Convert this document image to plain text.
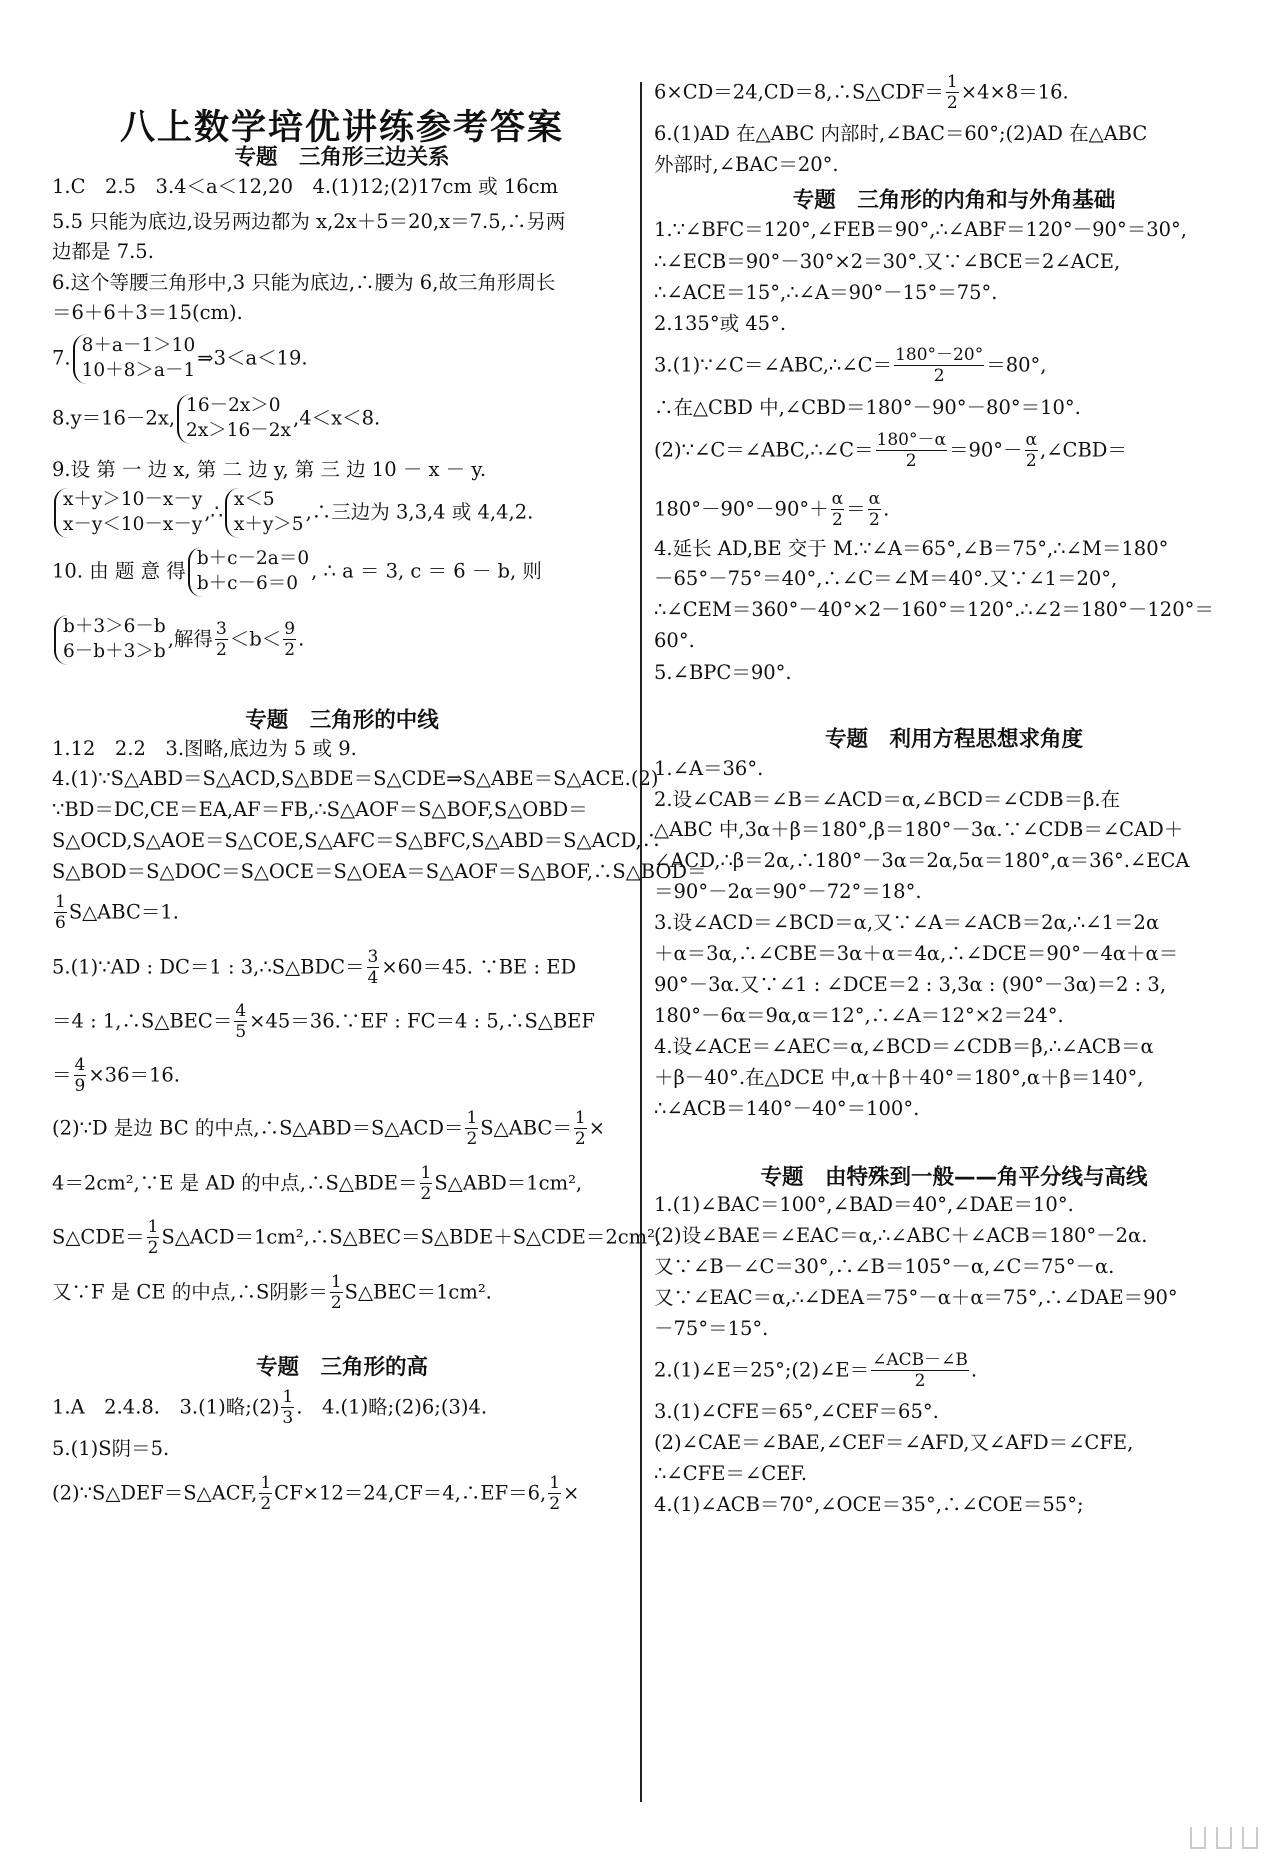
八上数学培优讲练参考答案
专题　三角形三边关系
1.C　2.5　3.4＜a＜12,20　4.(1)12;(2)17cm 或 16cm
5.5 只能为底边,设另两边都为 x,2x＋5＝20,x＝7.5,∴另两
边都是 7.5.
6.这个等腰三角形中,3 只能为底边,∴腰为 6,故三角形周长
＝6＋6＋3＝15(cm).
7.
8＋a－1＞10
10＋8＞a－1
⇒3＜a＜19.
8.y＝16－2x,
16－2x＞0
2x＞16－2x
,4＜x＜8.
9.设 第 一 边 x, 第 二 边 y, 第 三 边 10 － x － y.
x＋y＞10－x－y
x－y＜10－x－y
,∴
x＜5
x＋y＞5
,∴三边为 3,3,4 或 4,4,2.
10. 由 题 意 得
b＋c－2a＝0
b＋c－6＝0
, ∴ a ＝ 3, c ＝ 6 － b, 则
b＋3＞6－b
6－b＋3＞b
,解得 $\frac{3}{2} <b< \frac{9}{2}$ .
专题　三角形的中线
1.12　2.2　3.图略,底边为 5 或 9.
4.(1)∵S△ABD＝S△ACD,S△BDE＝S△CDE⇒S△ABE＝S△ACE.(2)
∵BD＝DC,CE＝EA,AF＝FB,∴S△AOF＝S△BOF,S△OBD＝
S△OCD,S△AOE＝S△COE,S△AFC＝S△BFC,S△ABD＝S△ACD,∴
S△BOD＝S△DOC＝S△OCE＝S△OEA＝S△AOF＝S△BOF,∴S△BOD＝
$\frac{1}{6}$ S△ABC＝1.
5.(1)∵AD : DC＝1 : 3,∴S△BDC＝ $\frac{3}{4} \times 60=45$. ∵BE : ED
＝4 : 1,∴S△BEC＝ $\frac{4}{5}$ ×45＝36.∵EF : FC＝4 : 5,∴S△BEF
＝ $\frac{4}{9} \times 36=16$.
(2)∵D 是边 BC 的中点,∴S△ABD＝S△ACD＝ $\frac{1}{2}$ S△ABC＝ $\frac{1}{2}$ ×
4＝2cm²,∵E 是 AD 的中点,∴S△BDE＝ $\frac{1}{2}$ S△ABD＝1cm²,
S△CDE＝ $\frac{1}{2}$ S△ACD＝1cm²,∴S△BEC＝S△BDE＋S△CDE＝2cm²,
又∵F 是 CE 的中点,∴S阴影＝ $\frac{1}{2}$ S△BEC＝1cm².
专题　三角形的高
1.A　2.4.8.　3.(1)略;(2) $\frac{1}{3}$ .　4.(1)略;(2)6;(3)4.
5.(1)S阴＝5.
(2)∵S△DEF＝S△ACF, $\frac{1}{2}$ CF×12＝24,CF＝4,∴EF＝6, $\frac{1}{2}$ ×
6×CD＝24,CD＝8,∴S△CDF＝ $\frac{1}{2} \times 4\times 8=16$.
6.(1)AD 在△ABC 内部时,∠BAC＝60°;(2)AD 在△ABC
外部时,∠BAC＝20°.
专题　三角形的内角和与外角基础
1.∵∠BFC＝120°,∠FEB＝90°,∴∠ABF＝120°－90°＝30°,
∴∠ECB＝90°－30°×2＝30°.又∵∠BCE＝2∠ACE,
∴∠ACE＝15°,∴∠A＝90°－15°＝75°.
2.135°或 45°.
3.(1)∵∠C＝∠ABC,∴∠C＝ $\frac{180^\circ-20^\circ}{2} =80^\circ$,
∴在△CBD 中,∠CBD＝180°－90°－80°＝10°.
(2)∵∠C＝∠ABC,∴∠C＝ $\frac{180^\circ-\alpha}{2} =90^\circ- \frac{\alpha}{2}$ ,∠CBD＝
$180^\circ-90^\circ-90^\circ+ \frac{\alpha}{2} = \frac{\alpha}{2}$ .
4.延长 AD,BE 交于 M.∵∠A＝65°,∠B＝75°,∴∠M＝180°
－65°－75°＝40°,∴∠C＝∠M＝40°.又∵∠1＝20°,
∴∠CEM＝360°－40°×2－160°＝120°.∴∠2＝180°－120°＝
60°.
5.∠BPC＝90°.
专题　利用方程思想求角度
1.∠A＝36°.
2.设∠CAB＝∠B＝∠ACD＝α,∠BCD＝∠CDB＝β.在
△ABC 中,3α＋β＝180°,β＝180°－3α.∵∠CDB＝∠CAD＋
∠ACD,∴β＝2α,∴180°－3α＝2α,5α＝180°,α＝36°.∠ECA
＝90°－2α＝90°－72°＝18°.
3.设∠ACD＝∠BCD＝α,又∵∠A＝∠ACB＝2α,∴∠1＝2α
＋α＝3α,∴∠CBE＝3α＋α＝4α,∴∠DCE＝90°－4α＋α＝
90°－3α.又∵∠1 : ∠DCE＝2 : 3,3α : (90°－3α)＝2 : 3,
180°－6α＝9α,α＝12°,∴∠A＝12°×2＝24°.
4.设∠ACE＝∠AEC＝α,∠BCD＝∠CDB＝β,∴∠ACB＝α
＋β－40°.在△DCE 中,α＋β＋40°＝180°,α＋β＝140°,
∴∠ACB＝140°－40°＝100°.
专题　由特殊到一般——角平分线与高线
1.(1)∠BAC＝100°,∠BAD＝40°,∠DAE＝10°.
(2)设∠BAE＝∠EAC＝α,∴∠ABC＋∠ACB＝180°－2α.
又∵∠B－∠C＝30°,∴∠B＝105°－α,∠C＝75°－α.
又∵∠EAC＝α,∴∠DEA＝75°－α＋α＝75°,∴∠DAE＝90°
－75°＝15°.
2.(1)∠E＝25°;(2)∠E＝ ∠ACB－∠B
2	.
3.(1)∠CFE＝65°,∠CEF＝65°.
(2)∠CAE＝∠BAE,∠CEF＝∠AFD,又∠AFD＝∠CFE,
∴∠CFE＝∠CEF.
4.(1)∠ACB＝70°,∠OCE＝35°,∴∠COE＝55°;
